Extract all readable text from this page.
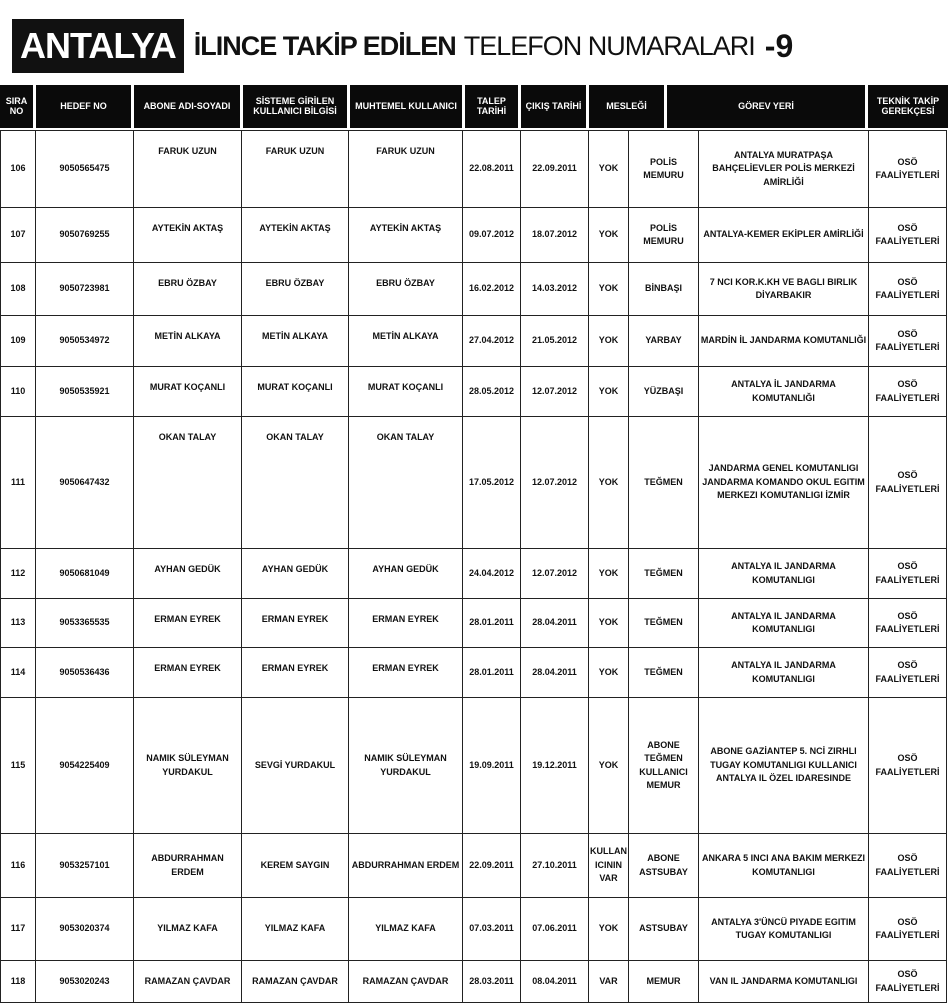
ANTALYA İLINCE TAKİP EDİLEN TELEFON NUMARALARI -9
SIRA NO	HEDEF NO	ABONE ADI-SOYADI	SİSTEME GİRİLEN KULLANICI BİLGİSİ	MUHTEMEL KULLANICI	TALEP TARİHİ	ÇIKIŞ TARİHİ	MESLEĞİ	GÖREV YERİ	TEKNİK TAKİP GEREKÇESİ
106	9050565475	FARUK UZUN	FARUK UZUN	FARUK UZUN	22.08.2011	22.09.2011	YOK	POLİS MEMURU	ANTALYA MURATPAŞA BAHÇELİEVLER POLİS MERKEZİ AMİRLİĞİ	OSÖ FAALİYETLERİ
107	9050769255	AYTEKİN AKTAŞ	AYTEKİN AKTAŞ	AYTEKİN AKTAŞ	09.07.2012	18.07.2012	YOK	POLİS MEMURU	ANTALYA-KEMER EKİPLER AMİRLİĞİ	OSÖ FAALİYETLERİ
108	9050723981	EBRU ÖZBAY	EBRU ÖZBAY	EBRU ÖZBAY	16.02.2012	14.03.2012	YOK	BİNBAŞI	7 NCI KOR.K.KH VE BAGLI BIRLIK DİYARBAKIR	OSÖ FAALİYETLERİ
109	9050534972	METİN ALKAYA	METİN ALKAYA	METİN ALKAYA	27.04.2012	21.05.2012	YOK	YARBAY	MARDİN İL JANDARMA KOMUTANLIĞI	OSÖ FAALİYETLERİ
110	9050535921	MURAT KOÇANLI	MURAT KOÇANLI	MURAT KOÇANLI	28.05.2012	12.07.2012	YOK	YÜZBAŞI	ANTALYA İL JANDARMA KOMUTANLIĞI	OSÖ FAALİYETLERİ
111	9050647432	OKAN TALAY	OKAN TALAY	OKAN TALAY	17.05.2012	12.07.2012	YOK	TEĞMEN	JANDARMA GENEL KOMUTANLIGI JANDARMA KOMANDO OKUL EGITIM MERKEZI KOMUTANLIGI İZMİR	OSÖ FAALİYETLERİ
112	9050681049	AYHAN GEDÜK	AYHAN GEDÜK	AYHAN GEDÜK	24.04.2012	12.07.2012	YOK	TEĞMEN	ANTALYA IL JANDARMA KOMUTANLIGI	OSÖ FAALİYETLERİ
113	9053365535	ERMAN EYREK	ERMAN EYREK	ERMAN EYREK	28.01.2011	28.04.2011	YOK	TEĞMEN	ANTALYA IL JANDARMA KOMUTANLIGI	OSÖ FAALİYETLERİ
114	9050536436	ERMAN EYREK	ERMAN EYREK	ERMAN EYREK	28.01.2011	28.04.2011	YOK	TEĞMEN	ANTALYA IL JANDARMA KOMUTANLIGI	OSÖ FAALİYETLERİ
115	9054225409	NAMIK SÜLEYMAN YURDAKUL	SEVGİ YURDAKUL	NAMIK SÜLEYMAN YURDAKUL	19.09.2011	19.12.2011	YOK	ABONE TEĞMEN KULLANICI MEMUR	ABONE GAZİANTEP 5. NCİ ZIRHLI TUGAY KOMUTANLIGI KULLANICI ANTALYA IL ÖZEL IDARESINDE	OSÖ FAALİYETLERİ
116	9053257101	ABDURRAHMAN ERDEM	KEREM SAYGIN	ABDURRAHMAN ERDEM	22.09.2011	27.10.2011	KULLAN ICININ VAR	ABONE ASTSUBAY	ANKARA 5 INCI ANA BAKIM MERKEZI KOMUTANLIGI	OSÖ FAALİYETLERİ
117	9053020374	YILMAZ KAFA	YILMAZ KAFA	YILMAZ KAFA	07.03.2011	07.06.2011	YOK	ASTSUBAY	ANTALYA 3'ÜNCÜ PIYADE EGITIM TUGAY KOMUTANLIGI	OSÖ FAALİYETLERİ
118	9053020243	RAMAZAN ÇAVDAR	RAMAZAN ÇAVDAR	RAMAZAN ÇAVDAR	28.03.2011	08.04.2011	VAR	MEMUR	VAN IL JANDARMA KOMUTANLIGI	OSÖ FAALİYETLERİ
